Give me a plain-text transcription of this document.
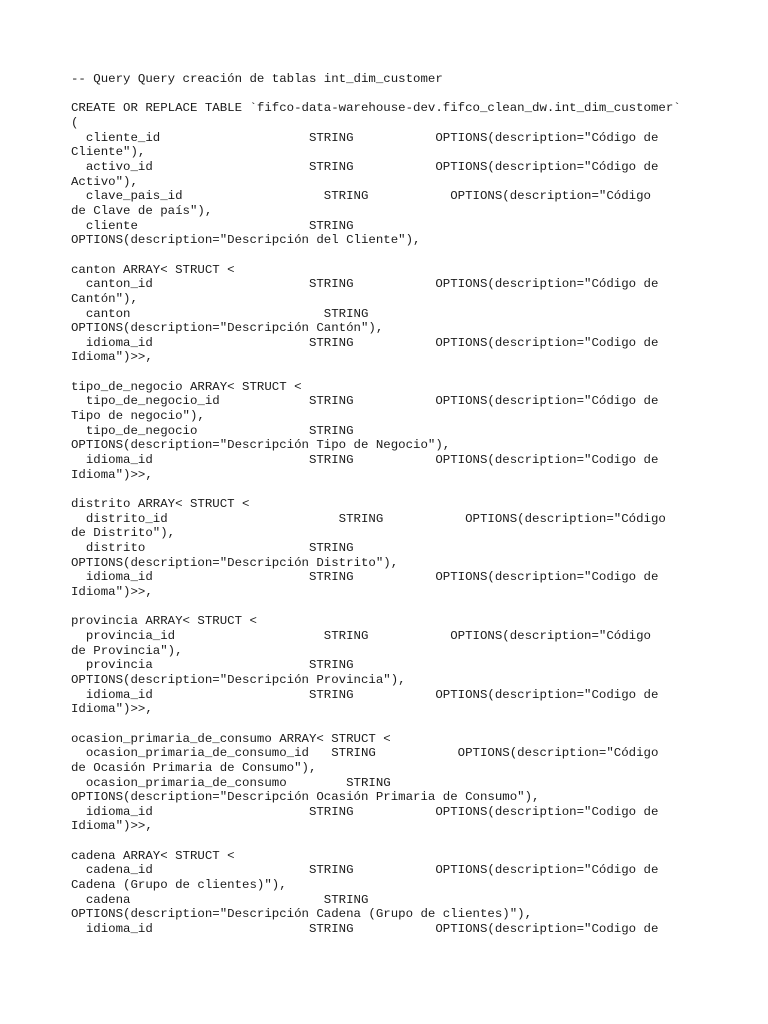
-- Query Query creación de tablas int_dim_customer
CREATE OR REPLACE TABLE `fifco-data-warehouse-dev.fifco_clean_dw.int_dim_customer`
(
cliente_id                    STRING           OPTIONS(description="Código de
Cliente"),
activo_id                     STRING           OPTIONS(description="Código de
Activo"),
clave_pais_id                   STRING           OPTIONS(description="Código
de Clave de país"),
cliente                       STRING
OPTIONS(description="Descripción del Cliente"),
canton ARRAY< STRUCT <
canton_id                     STRING           OPTIONS(description="Código de
Cantón"),
canton                          STRING
OPTIONS(description="Descripción Cantón"),
idioma_id                     STRING           OPTIONS(description="Codigo de
Idioma")>>,
tipo_de_negocio ARRAY< STRUCT <
tipo_de_negocio_id            STRING           OPTIONS(description="Código de
Tipo de negocio"),
tipo_de_negocio               STRING
OPTIONS(description="Descripción Tipo de Negocio"),
idioma_id                     STRING           OPTIONS(description="Codigo de
Idioma")>>,
distrito ARRAY< STRUCT <
distrito_id                       STRING           OPTIONS(description="Código
de Distrito"),
distrito                      STRING
OPTIONS(description="Descripción Distrito"),
idioma_id                     STRING           OPTIONS(description="Codigo de
Idioma")>>,
provincia ARRAY< STRUCT <
provincia_id                    STRING           OPTIONS(description="Código
de Provincia"),
provincia                     STRING
OPTIONS(description="Descripción Provincia"),
idioma_id                     STRING           OPTIONS(description="Codigo de
Idioma")>>,
ocasion_primaria_de_consumo ARRAY< STRUCT <
ocasion_primaria_de_consumo_id   STRING           OPTIONS(description="Código
de Ocasión Primaria de Consumo"),
ocasion_primaria_de_consumo        STRING
OPTIONS(description="Descripción Ocasión Primaria de Consumo"),
idioma_id                     STRING           OPTIONS(description="Codigo de
Idioma")>>,
cadena ARRAY< STRUCT <
cadena_id                     STRING           OPTIONS(description="Código de
Cadena (Grupo de clientes)"),
cadena                          STRING
OPTIONS(description="Descripción Cadena (Grupo de clientes)"),
idioma_id                     STRING           OPTIONS(description="Codigo de
